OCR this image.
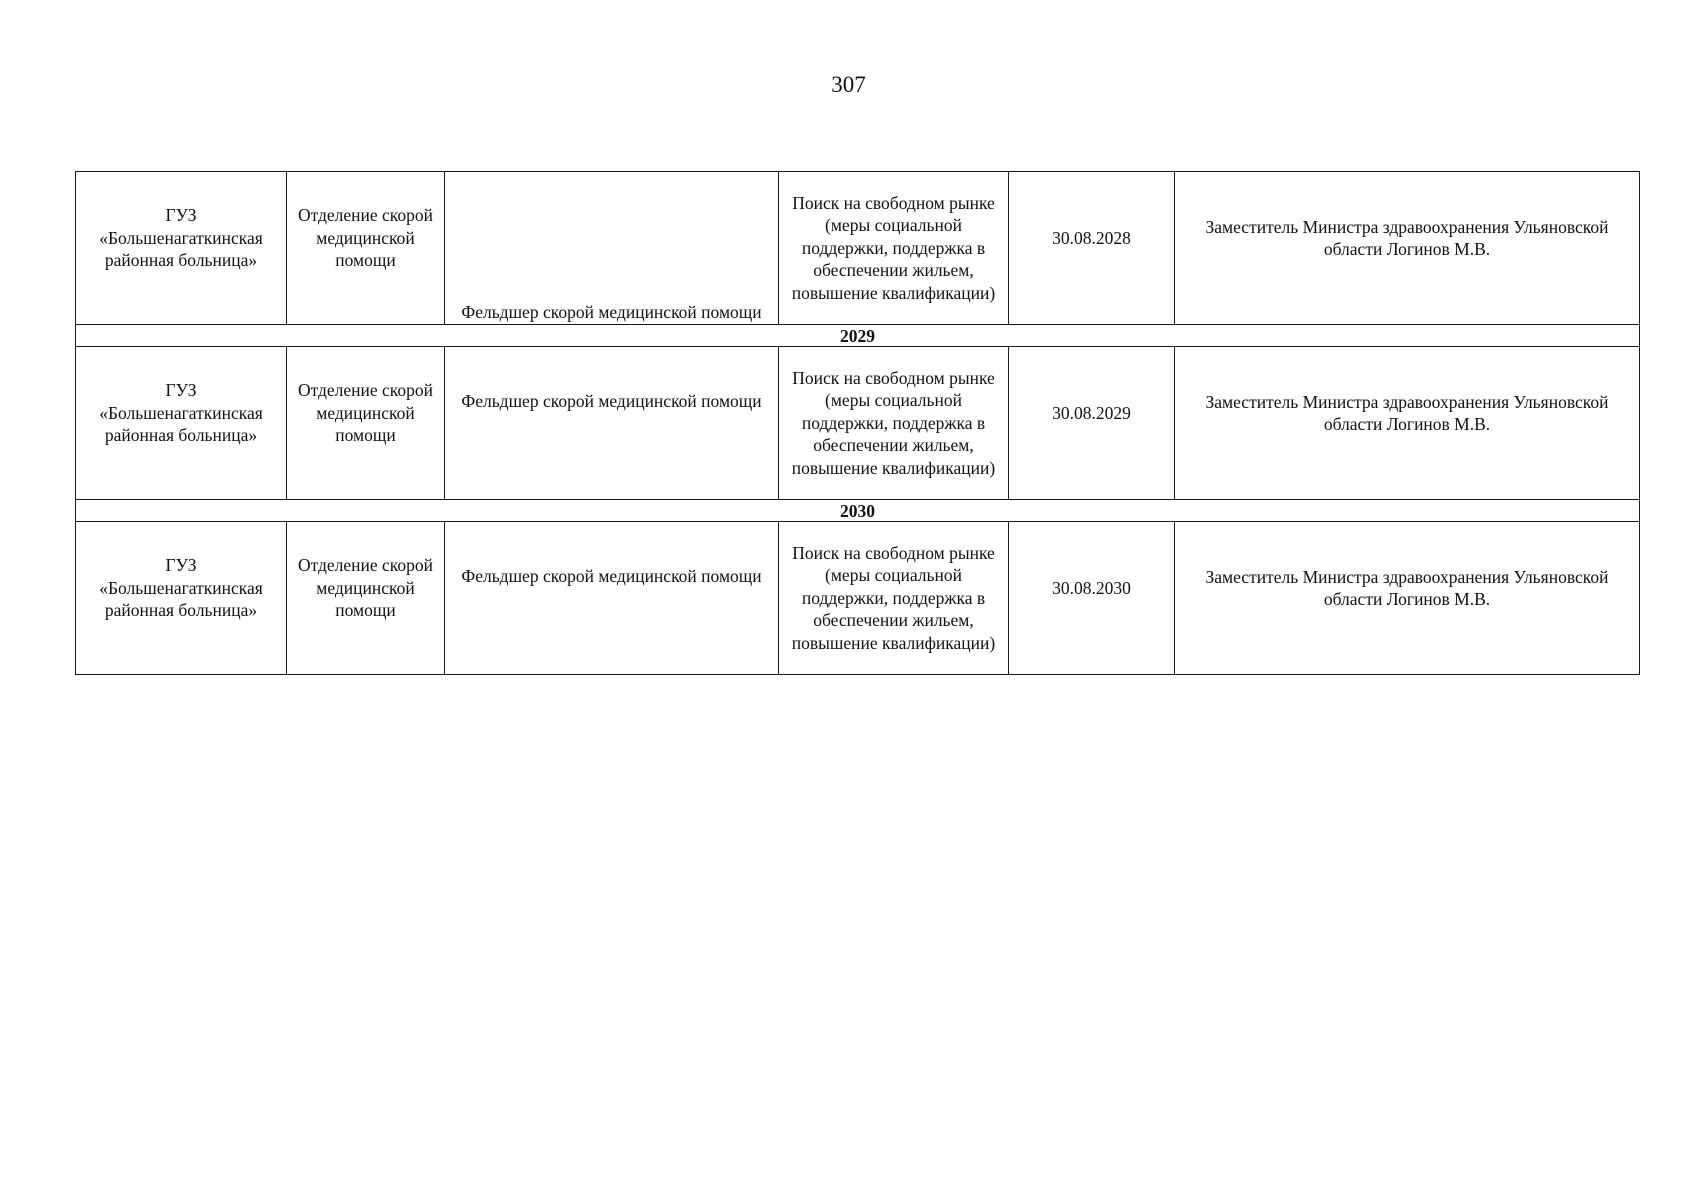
307
ГУЗ «Большенагаткинская районная больница»	Отделение скорой медицинской помощи	Фельдшер скорой медицинской помощи	Поиск на свободном рынке (меры социальной поддержки, поддержка в обеспечении жильем, повышение квалификации)	30.08.2028	Заместитель Министра здравоохранения Ульяновской области Логинов М.В.

2029					

ГУЗ «Большенагаткинская районная больница»	Отделение скорой медицинской помощи	Фельдшер скорой медицинской помощи	Поиск на свободном рынке (меры социальной поддержки, поддержка в обеспечении жильем, повышение квалификации)	30.08.2029	Заместитель Министра здравоохранения Ульяновской области Логинов М.В.

2030					

ГУЗ «Большенагаткинская районная больница»	Отделение скорой медицинской помощи	Фельдшер скорой медицинской помощи	Поиск на свободном рынке (меры социальной поддержки, поддержка в обеспечении жильем, повышение квалификации)	30.08.2030	Заместитель Министра здравоохранения Ульяновской области Логинов М.В.
